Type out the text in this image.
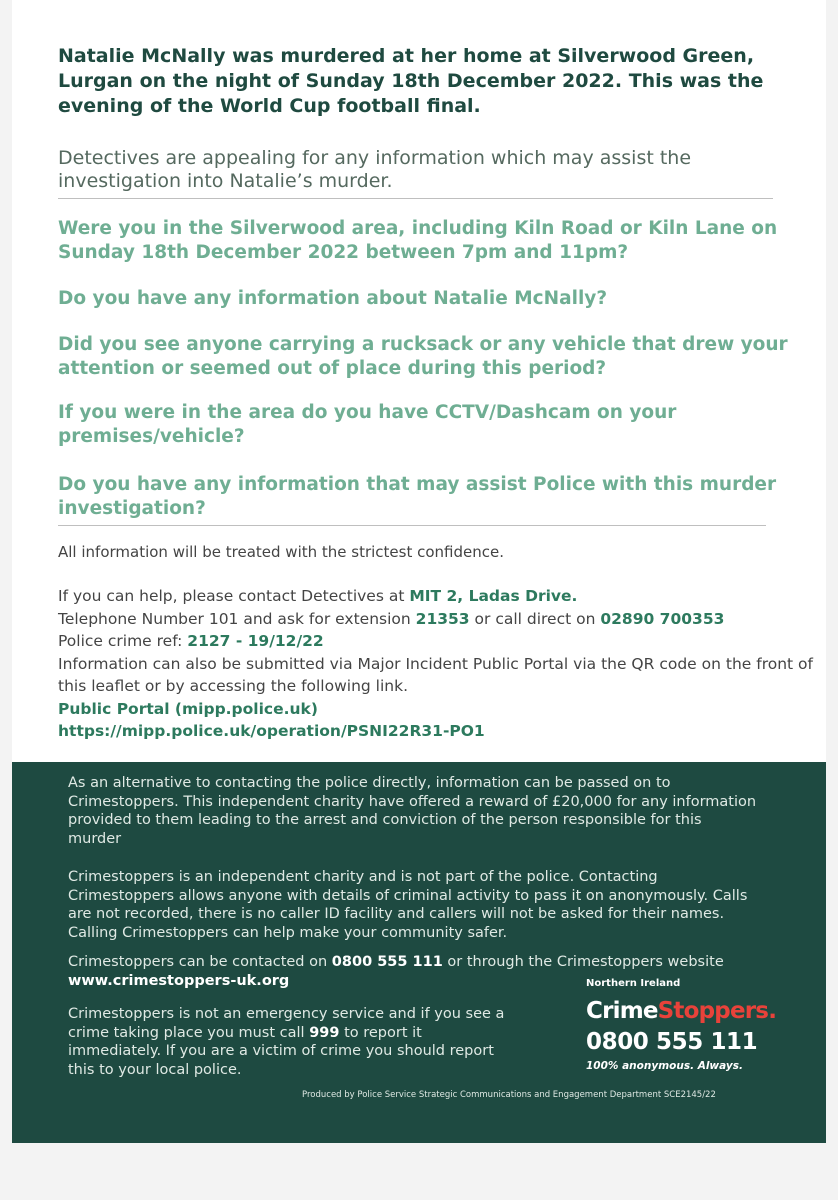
Natalie McNally was murdered at her home at Silverwood Green, Lurgan on the night of Sunday 18th December 2022. This was the evening of the World Cup football final.

Detectives are appealing for any information which may assist the investigation into Natalie’s murder.

Were you in the Silverwood area, including Kiln Road or Kiln Lane on Sunday 18th December 2022 between 7pm and 11pm?

Do you have any information about Natalie McNally?

Did you see anyone carrying a rucksack or any vehicle that drew your attention or seemed out of place during this period?

If you were in the area do you have CCTV/Dashcam on your premises/vehicle?

Do you have any information that may assist Police with this murder investigation?

All information will be treated with the strictest confidence.

If you can help, please contact Detectives at MIT 2, Ladas Drive.
Telephone Number 101 and ask for extension 21353 or call direct on 02890 700353
Police crime ref: 2127 - 19/12/22
Information can also be submitted via Major Incident Public Portal via the QR code on the front of this leaflet or by accessing the following link.
Public Portal (mipp.police.uk)
https://mipp.police.uk/operation/PSNI22R31-PO1

As an alternative to contacting the police directly, information can be passed on to Crimestoppers. This independent charity have offered a reward of £20,000 for any information provided to them leading to the arrest and conviction of the person responsible for this murder

Crimestoppers is an independent charity and is not part of the police. Contacting Crimestoppers allows anyone with details of criminal activity to pass it on anonymously. Calls are not recorded, there is no caller ID facility and callers will not be asked for their names. Calling Crimestoppers can help make your community safer.

Crimestoppers can be contacted on 0800 555 111 or through the Crimestoppers website www.crimestoppers-uk.org

Crimestoppers is not an emergency service and if you see a crime taking place you must call 999 to report it immediately. If you are a victim of crime you should report this to your local police.

Northern Ireland
CrimeStoppers.
0800 555 111
100% anonymous. Always.
Produced by Police Service Strategic Communications and Engagement Department SCE2145/22
